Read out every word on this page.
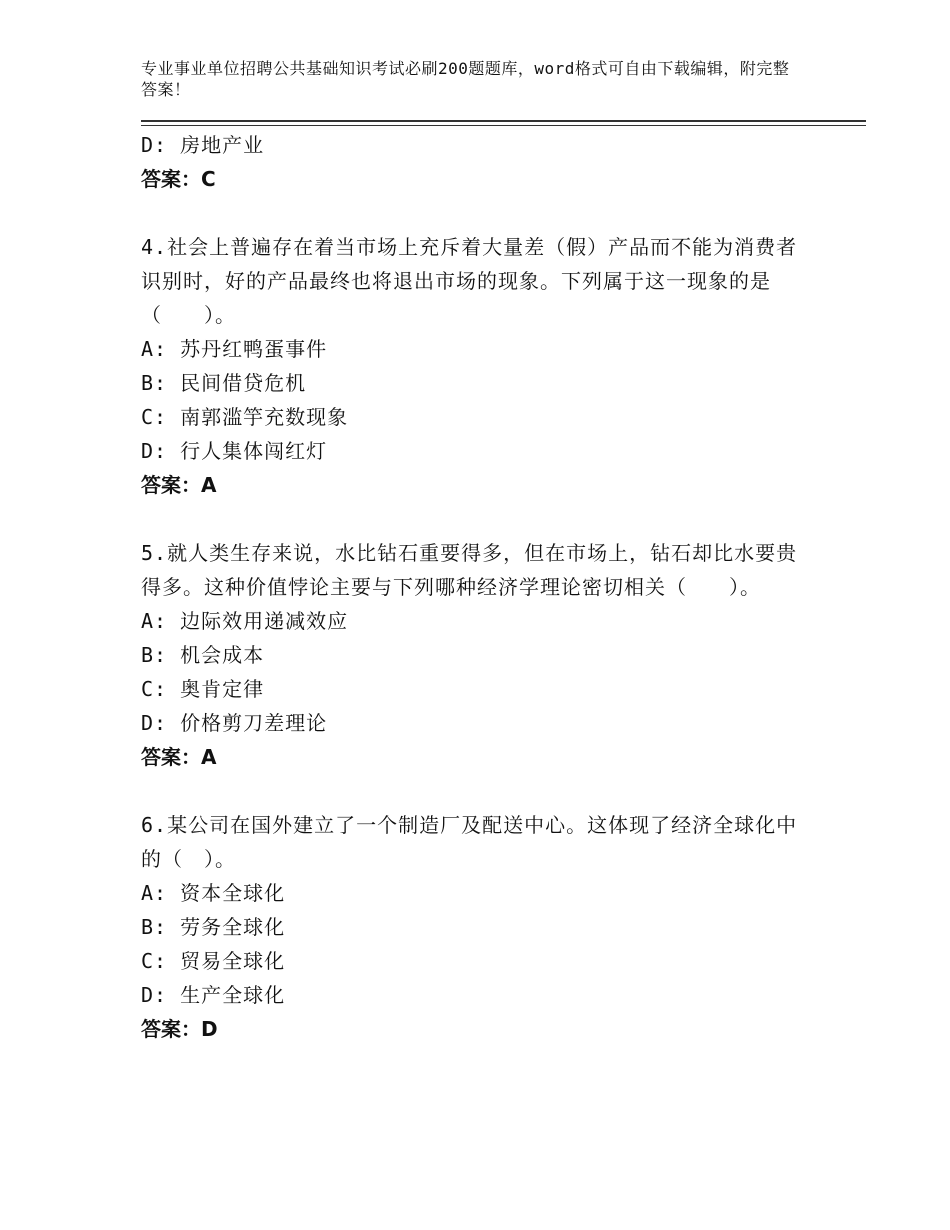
专业事业单位招聘公共基础知识考试必刷200题题库，word格式可自由下载编辑，附完整答案！
D: 房地产业
答案：C
4.社会上普遍存在着当市场上充斥着大量差（假）产品而不能为消费者识别时，好的产品最终也将退出市场的现象。下列属于这一现象的是（　　）。
A: 苏丹红鸭蛋事件
B: 民间借贷危机
C: 南郭滥竽充数现象
D: 行人集体闯红灯
答案：A
5.就人类生存来说，水比钻石重要得多，但在市场上，钻石却比水要贵得多。这种价值悖论主要与下列哪种经济学理论密切相关（　　）。
A: 边际效用递减效应
B: 机会成本
C: 奥肯定律
D: 价格剪刀差理论
答案：A
6.某公司在国外建立了一个制造厂及配送中心。这体现了经济全球化中的（　）。
A: 资本全球化
B: 劳务全球化
C: 贸易全球化
D: 生产全球化
答案：D
